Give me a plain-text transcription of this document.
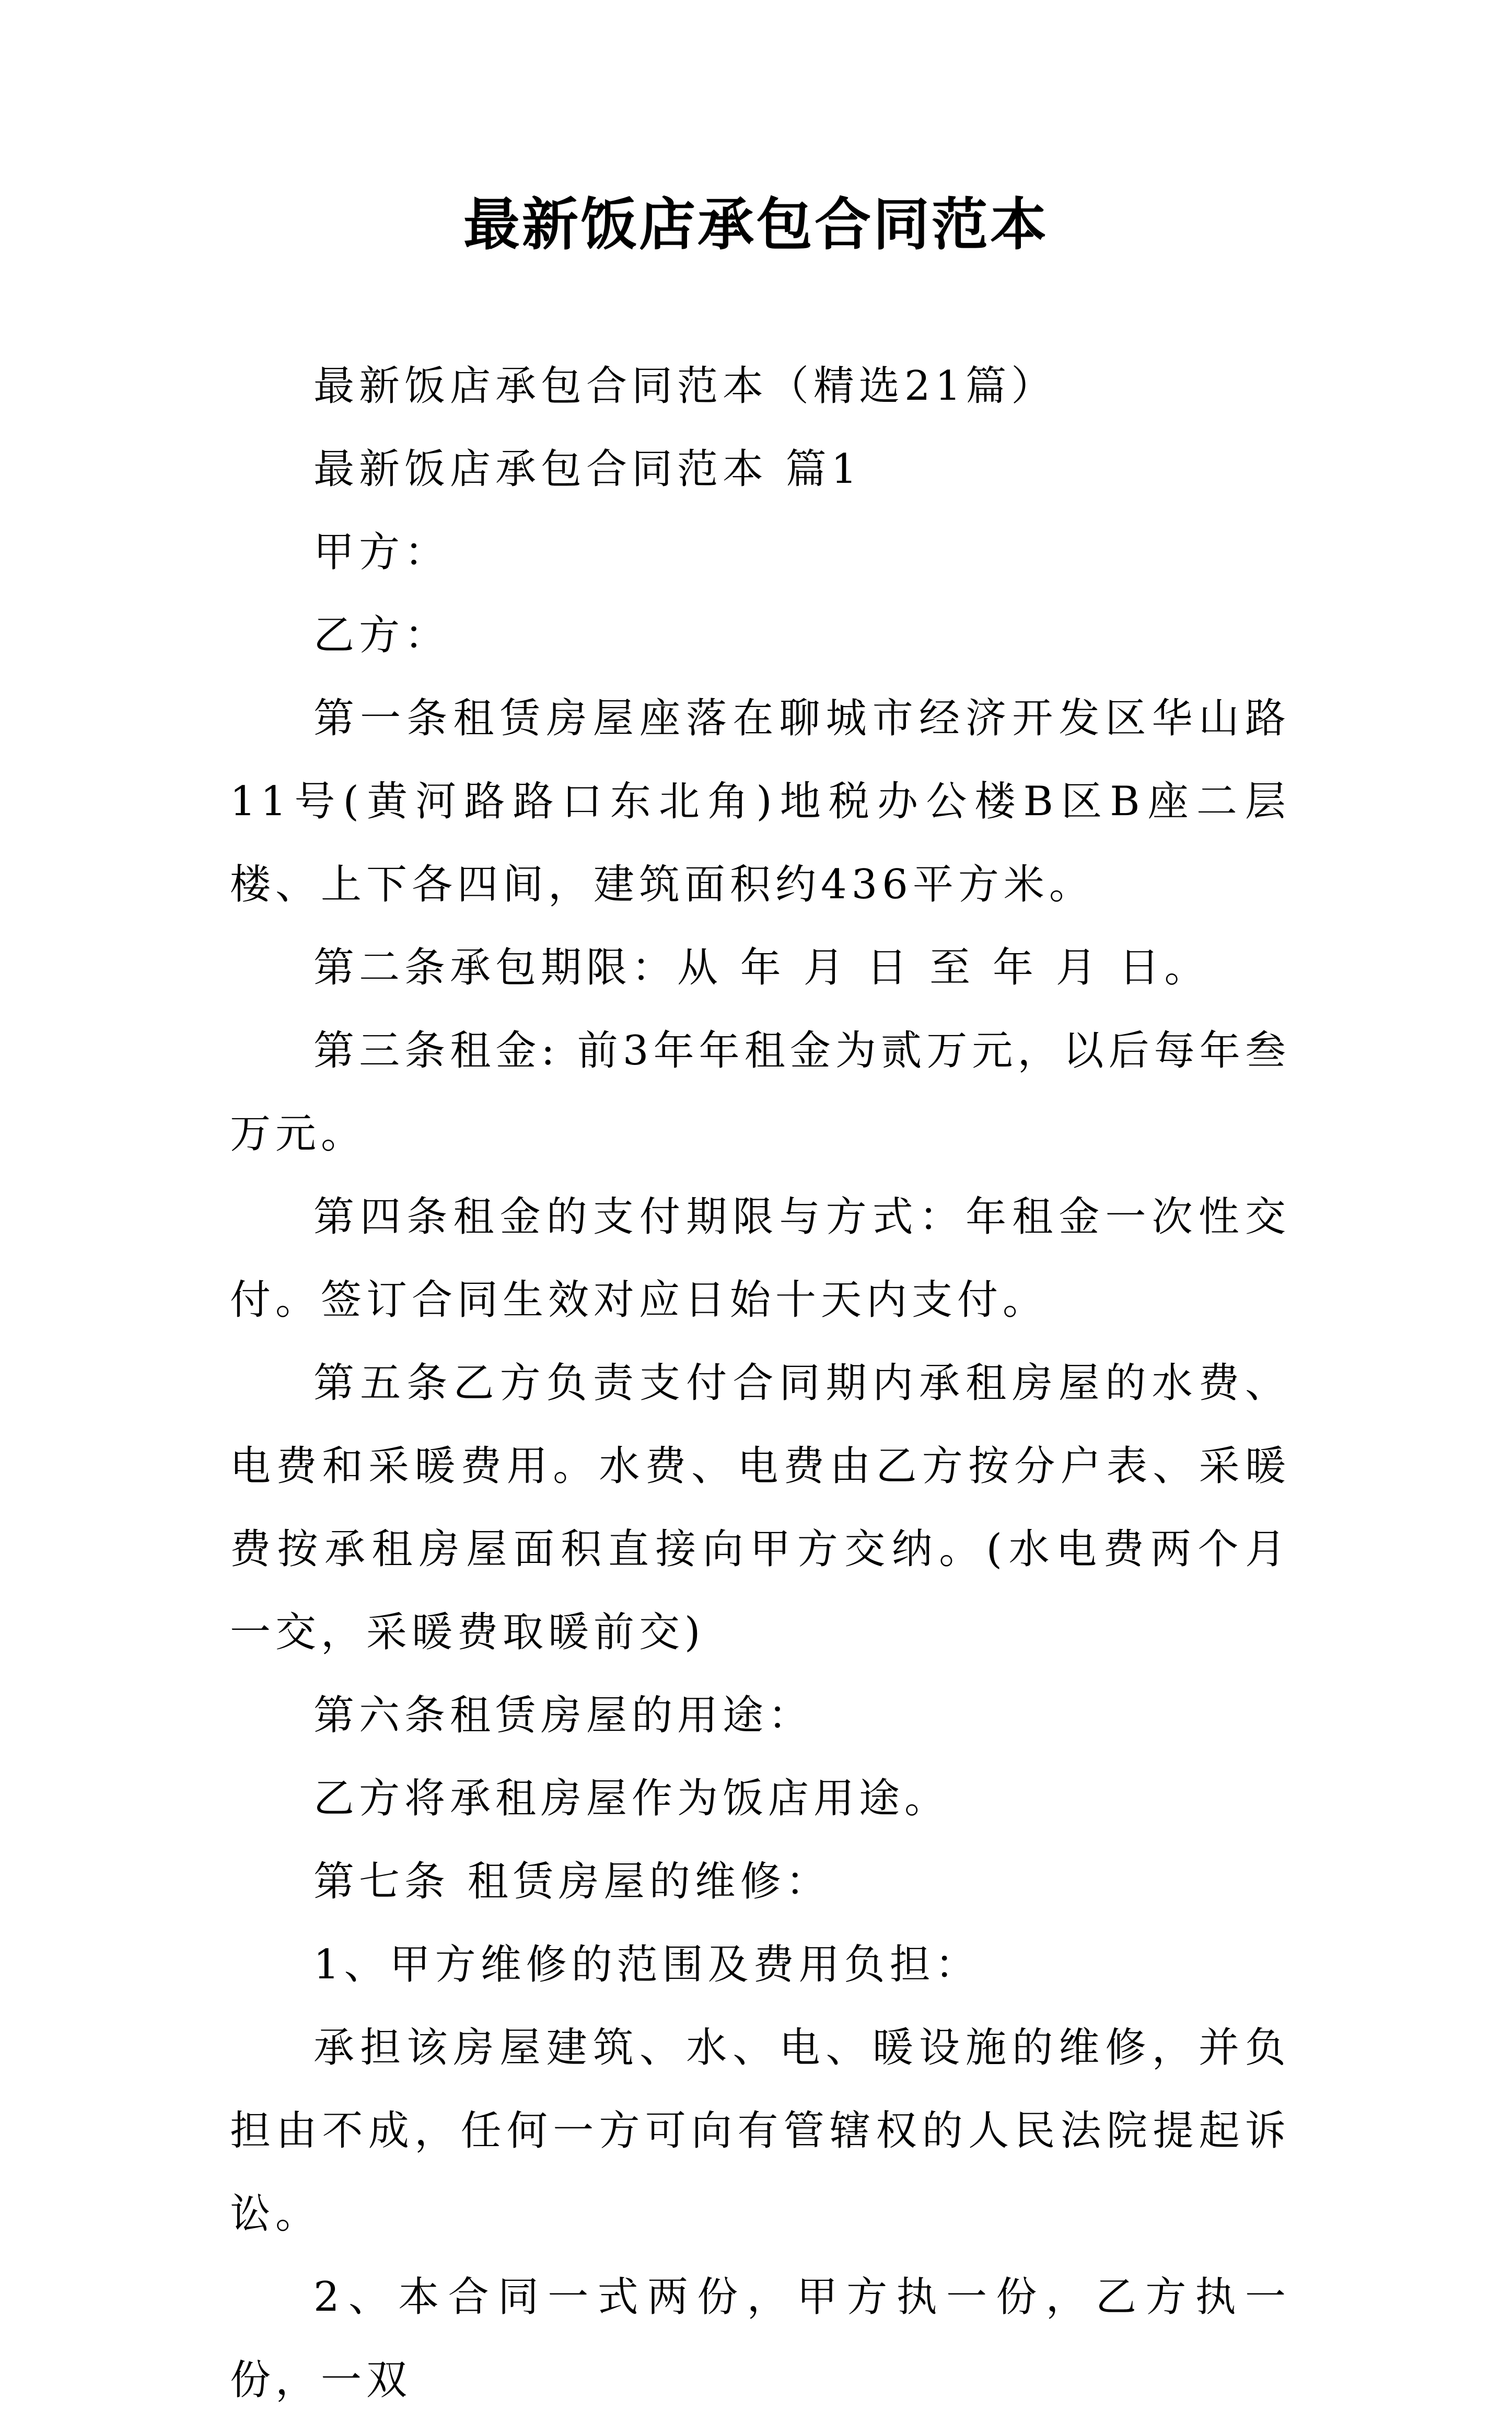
最新饭店承包合同范本

最新饭店承包合同范本（精选21篇）

最新饭店承包合同范本 篇1

甲方：

乙方：

第一条租赁房屋座落在聊城市经济开发区华山路11号(黄河路路口东北角)地税办公楼B区B座二层楼、上下各四间，建筑面积约436平方米。

第二条承包期限：从 年 月 日 至 年 月 日。

第三条租金: 前3年年租金为贰万元，以后每年叁万元。

第四条租金的支付期限与方式：年租金一次性交付。签订合同生效对应日始十天内支付。

第五条乙方负责支付合同期内承租房屋的水费、电费和采暖费用。水费、电费由乙方按分户表、采暖费按承租房屋面积直接向甲方交纳。(水电费两个月一交，采暖费取暖前交)

第六条租赁房屋的用途：

乙方将承租房屋作为饭店用途。

第七条 租赁房屋的维修：

1、甲方维修的范围及费用负担：

承担该房屋建筑、水、电、暖设施的维修，并负担由不成，任何一方可向有管辖权的人民法院提起诉讼。

2、本合同一式两份，甲方执一份，乙方执一份，一双
